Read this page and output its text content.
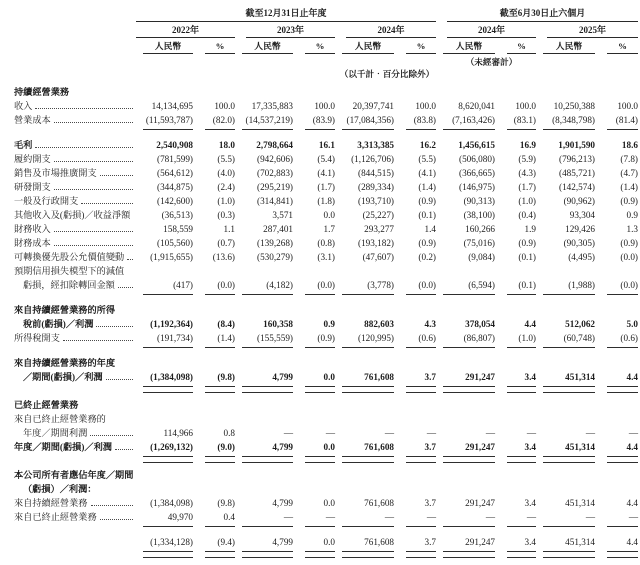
截至12月31日止年度	截至6月30日止六個月
2022年	2023年	2024年	2024年	2025年
人民幣	%	人民幣	%	人民幣	%	人民幣	%	人民幣	%
（未經審計）
（以千計‧百分比除外）
持續經營業務
收入	14,134,695	100.0	17,335,883	100.0	20,397,741	100.0	8,620,041	100.0	10,250,388	100.0
營業成本	(11,593,787)	(82.0)	(14,537,219)	(83.9)	(17,084,356)	(83.8)	(7,163,426)	(83.1)	(8,348,798)	(81.4)
毛利	2,540,908	18.0	2,798,664	16.1	3,313,385	16.2	1,456,615	16.9	1,901,590	18.6
履約開支	(781,599)	(5.5)	(942,606)	(5.4)	(1,126,706)	(5.5)	(506,080)	(5.9)	(796,213)	(7.8)
銷售及市場推廣開支	(564,612)	(4.0)	(702,883)	(4.1)	(844,515)	(4.1)	(366,665)	(4.3)	(485,721)	(4.7)
研發開支	(344,875)	(2.4)	(295,219)	(1.7)	(289,334)	(1.4)	(146,975)	(1.7)	(142,574)	(1.4)
一般及行政開支	(142,600)	(1.0)	(314,841)	(1.8)	(193,710)	(0.9)	(90,313)	(1.0)	(90,962)	(0.9)
其他收入及(虧損)／收益淨額	(36,513)	(0.3)	3,571	0.0	(25,227)	(0.1)	(38,100)	(0.4)	93,304	0.9
財務收入	158,559	1.1	287,401	1.7	293,277	1.4	160,266	1.9	129,426	1.3
財務成本	(105,560)	(0.7)	(139,268)	(0.8)	(193,182)	(0.9)	(75,016)	(0.9)	(90,305)	(0.9)
可轉換優先股公允價值變動	(1,915,655)	(13.6)	(530,279)	(3.1)	(47,607)	(0.2)	(9,084)	(0.1)	(4,495)	(0.0)
預期信用損失模型下的減值
虧損，經扣除轉回金額	(417)	(0.0)	(4,182)	(0.0)	(3,778)	(0.0)	(6,594)	(0.1)	(1,988)	(0.0)
來自持續經營業務的所得
稅前(虧損)／利潤	(1,192,364)	(8.4)	160,358	0.9	882,603	4.3	378,054	4.4	512,062	5.0
所得稅開支	(191,734)	(1.4)	(155,559)	(0.9)	(120,995)	(0.6)	(86,807)	(1.0)	(60,748)	(0.6)
來自持續經營業務的年度
／期間(虧損)／利潤	(1,384,098)	(9.8)	4,799	0.0	761,608	3.7	291,247	3.4	451,314	4.4
已終止經營業務
來自已終止經營業務的
年度／期間利潤	114,966	0.8	—	—	—	—	—	—	—	—
年度／期間(虧損)／利潤	(1,269,132)	(9.0)	4,799	0.0	761,608	3.7	291,247	3.4	451,314	4.4
本公司所有者應佔年度／期間
（虧損）／利潤：
來自持續經營業務	(1,384,098)	(9.8)	4,799	0.0	761,608	3.7	291,247	3.4	451,314	4.4
來自已終止經營業務	49,970	0.4	—	—	—	—	—	—	—	—
(1,334,128)	(9.4)	4,799	0.0	761,608	3.7	291,247	3.4	451,314	4.4
